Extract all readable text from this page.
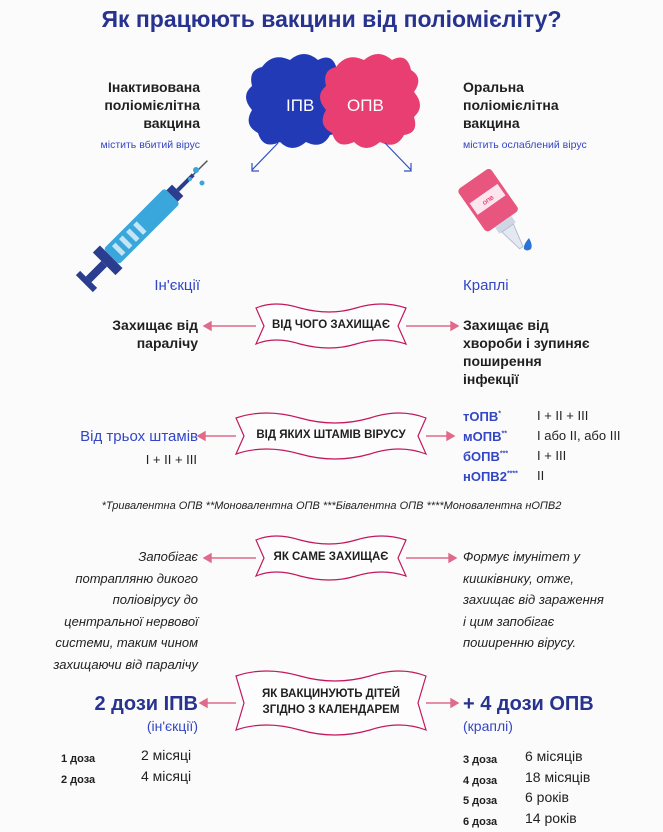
ОПВ
Як працюють вакцини від поліомієліту?
ІПВ ОПВ
Інактивована
поліомієлітна
вакцина
містить вбитий вірус
Оральна
поліомієлітна
вакцина
містить ослаблений вірус
Ін'єкції	Краплі
Захищає від
паралічу
Захищає від
хвороби і зупиняє
поширення
інфекції
ВІД ЧОГО ЗАХИЩАЄ
ВІД ЯКИХ ШТАМІВ ВІРУСУ
ЯК САМЕ ЗАХИЩАЄ
ЯК ВАКЦИНУЮТЬ ДІТЕЙ
ЗГІДНО З КАЛЕНДАРЕМ
Від трьох штамів
I + II + III
тОПВ*	I + II + III
мОПВ** I або II, або III
бОПВ*** I + III
нОПВ2**** II
*Тривалентна ОПВ **Моновалентна ОПВ ***Бівалентна ОПВ ****Моновалентна нОПВ2
Запобігає
потрапляню дикого
поліовірусу до
центральної нервової
системи, таким чином
захищаючи від паралічу
Формує імунітет у
кишківнику, отже,
захищає від зараження
і цим запобігає
поширенню вірусу.
2 дози ІПВ
(ін'єкції)
+ 4 дози ОПВ
(краплі)
1 доза	2 місяці
2 доза	4 місяці
3 доза 6 місяців
4 доза 18 місяців
5 доза 6 років
6 доза 14 років
